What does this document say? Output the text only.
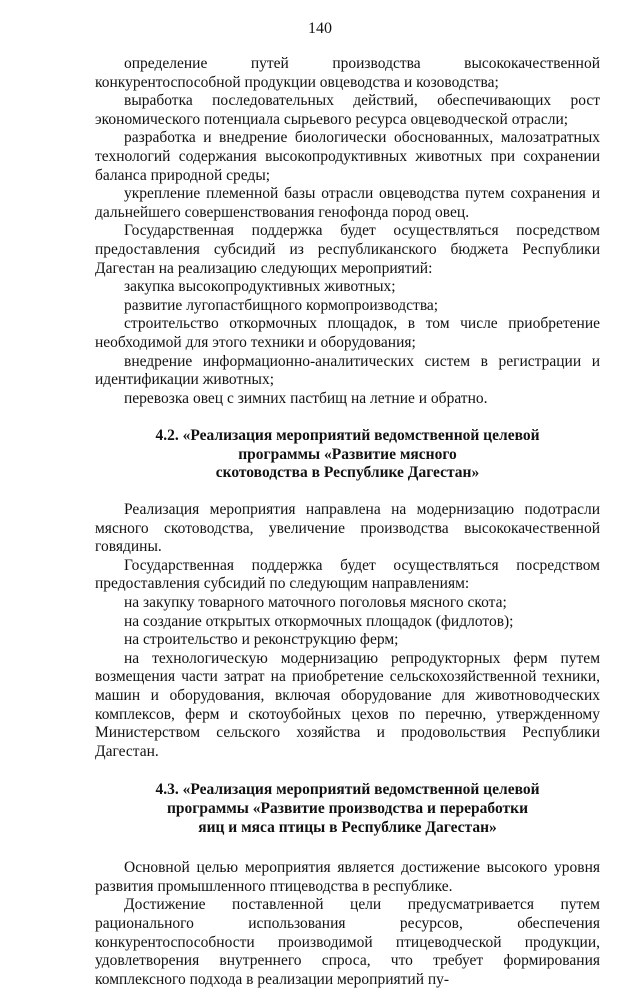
140

определение путей производства высококачественной конкурентоспособной продукции овцеводства и козоводства;

выработка последовательных действий, обеспечивающих рост экономического потенциала сырьевого ресурса овцеводческой отрасли;

разработка и внедрение биологически обоснованных, малозатратных технологий содержания высокопродуктивных животных при сохранении баланса природной среды;

укрепление племенной базы отрасли овцеводства путем сохранения и дальнейшего совершенствования генофонда пород овец.

Государственная поддержка будет осуществляться посредством предоставления субсидий из республиканского бюджета Республики Дагестан на реализацию следующих мероприятий:

закупка высокопродуктивных животных;

развитие лугопастбищного кормопроизводства;

строительство откормочных площадок, в том числе приобретение необходимой для этого техники и оборудования;

внедрение информационно-аналитических систем в регистрации и идентификации животных;

перевозка овец с зимних пастбищ на летние и обратно.

4.2. «Реализация мероприятий ведомственной целевой
программы «Развитие мясного
скотоводства в Республике Дагестан»

Реализация мероприятия направлена на модернизацию подотрасли мясного скотоводства, увеличение производства высококачественной говядины.

Государственная поддержка будет осуществляться посредством предоставления субсидий по следующим направлениям:

на закупку товарного маточного поголовья мясного скота;

на создание открытых откормочных площадок (фидлотов);

на строительство и реконструкцию ферм;

на технологическую модернизацию репродукторных ферм путем возмещения части затрат на приобретение сельскохозяйственной техники, машин и оборудования, включая оборудование для животноводческих комплексов, ферм и скотоубойных цехов по перечню, утвержденному Министерством сельского хозяйства и продовольствия Республики Дагестан.

4.3. «Реализация мероприятий ведомственной целевой
программы «Развитие производства и переработки
яиц и мяса птицы в Республике Дагестан»

Основной целью мероприятия является достижение высокого уровня развития промышленного птицеводства в республике.

Достижение поставленной цели предусматривается путем рационального использования ресурсов, обеспечения конкурентоспособности производимой птицеводческой продукции, удовлетворения внутреннего спроса, что требует формирования комплексного подхода в реализации мероприятий пу-
